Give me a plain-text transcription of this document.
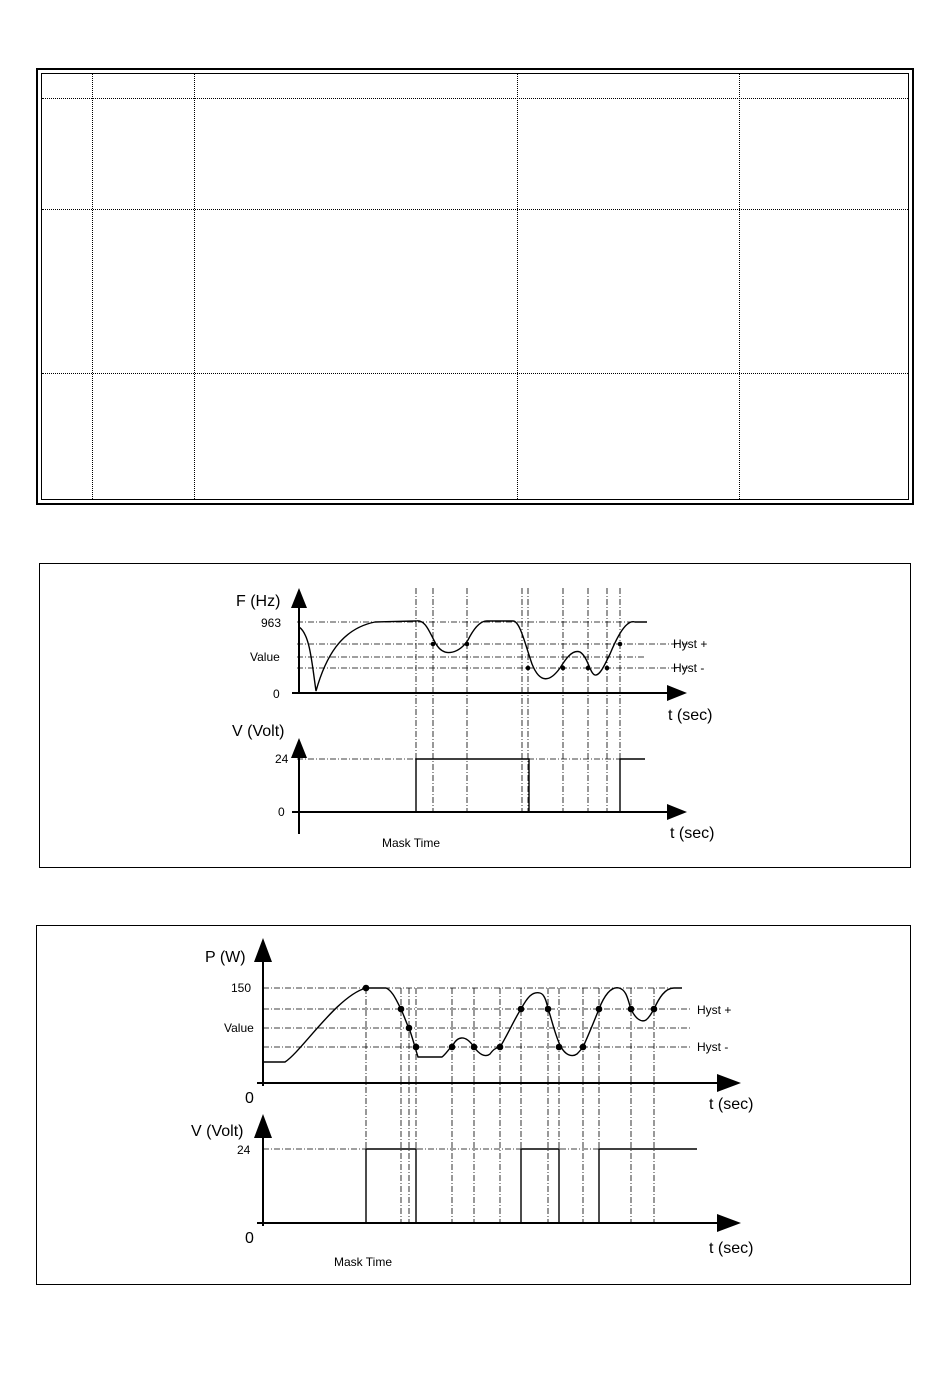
F (Hz)
963
Value
0
Hyst +
Hyst -
t (sec)
V (Volt)
24
0
t (sec)
Mask Time
P (W)
150
Value
0
Hyst +
Hyst -
t (sec)
V (Volt)
24
0
t (sec)
Mask Time
